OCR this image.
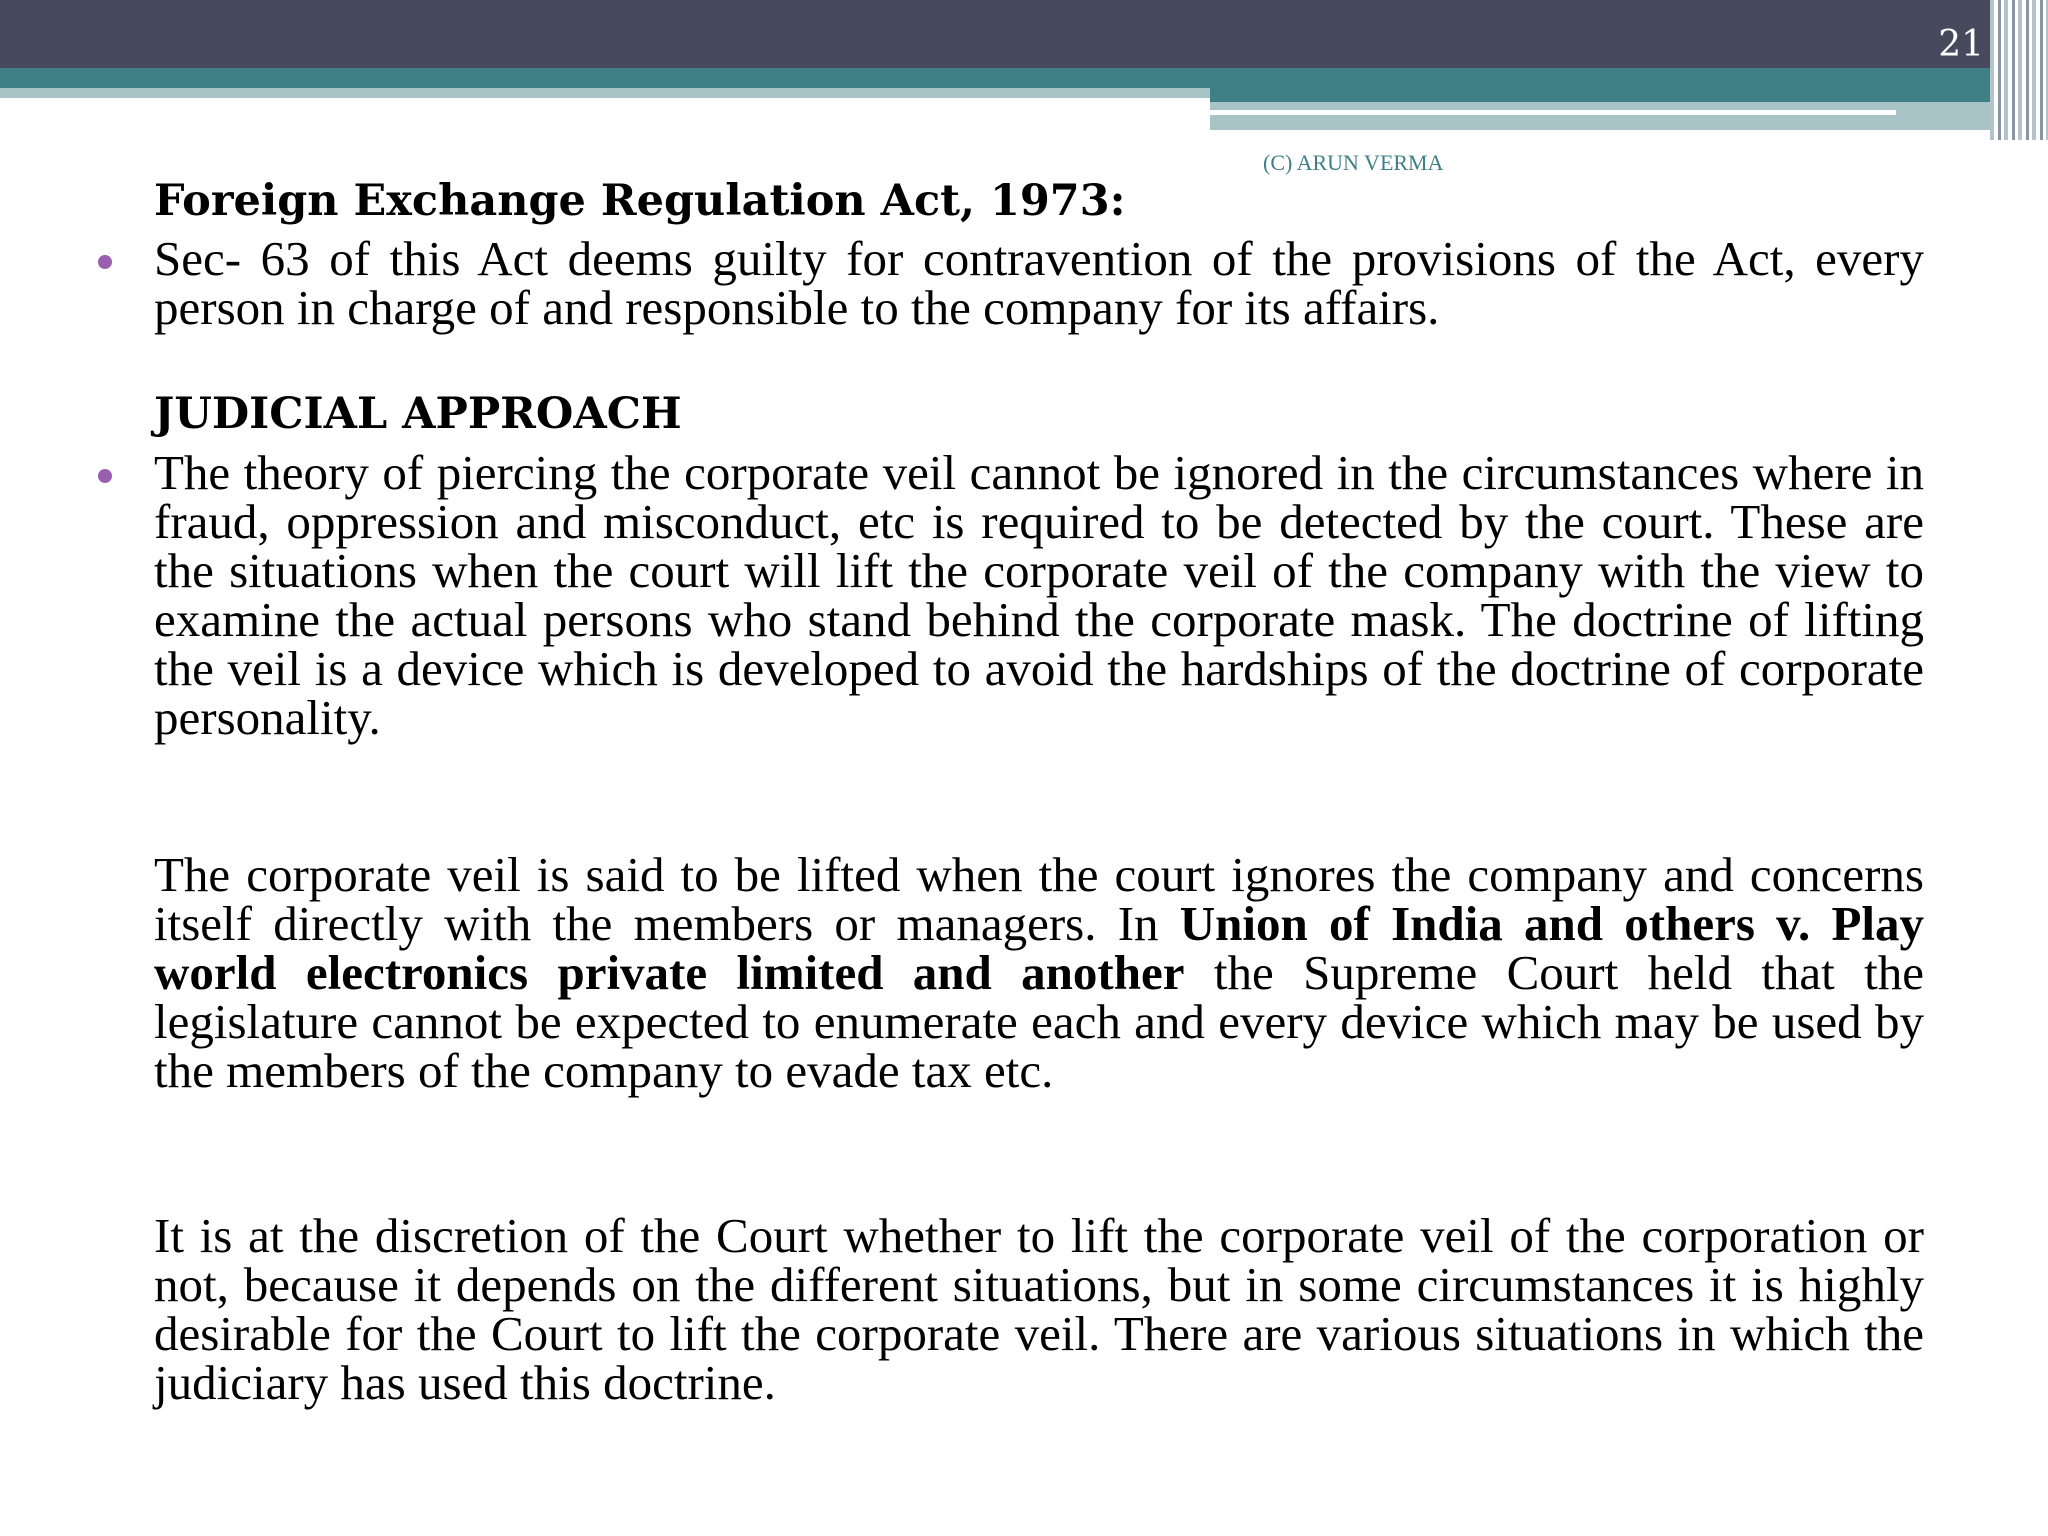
21
(C) ARUN VERMA
Foreign Exchange Regulation Act, 1973:
Sec- 63 of this Act deems guilty for contravention of the provisions of the Act, every person in charge of and responsible to the company for its affairs.
JUDICIAL APPROACH
The theory of piercing the corporate veil cannot be ignored in the circumstances where in fraud, oppression and misconduct, etc is required to be detected by the court. These are the situations when the court will lift the corporate veil of the company with the view to examine the actual persons who stand behind the corporate mask. The doctrine of lifting the veil is a device which is developed to avoid the hardships of the doctrine of corporate personality.
The corporate veil is said to be lifted when the court ignores the company and concerns itself directly with the members or managers. In Union of India and others v. Play world electronics private limited and another the Supreme Court held that the legislature cannot be expected to enumerate each and every device which may be used by the members of the company to evade tax etc.
It is at the discretion of the Court whether to lift the corporate veil of the corporation or not, because it depends on the different situations, but in some circumstances it is highly desirable for the Court to lift the corporate veil. There are various situations in which the judiciary has used this doctrine.
